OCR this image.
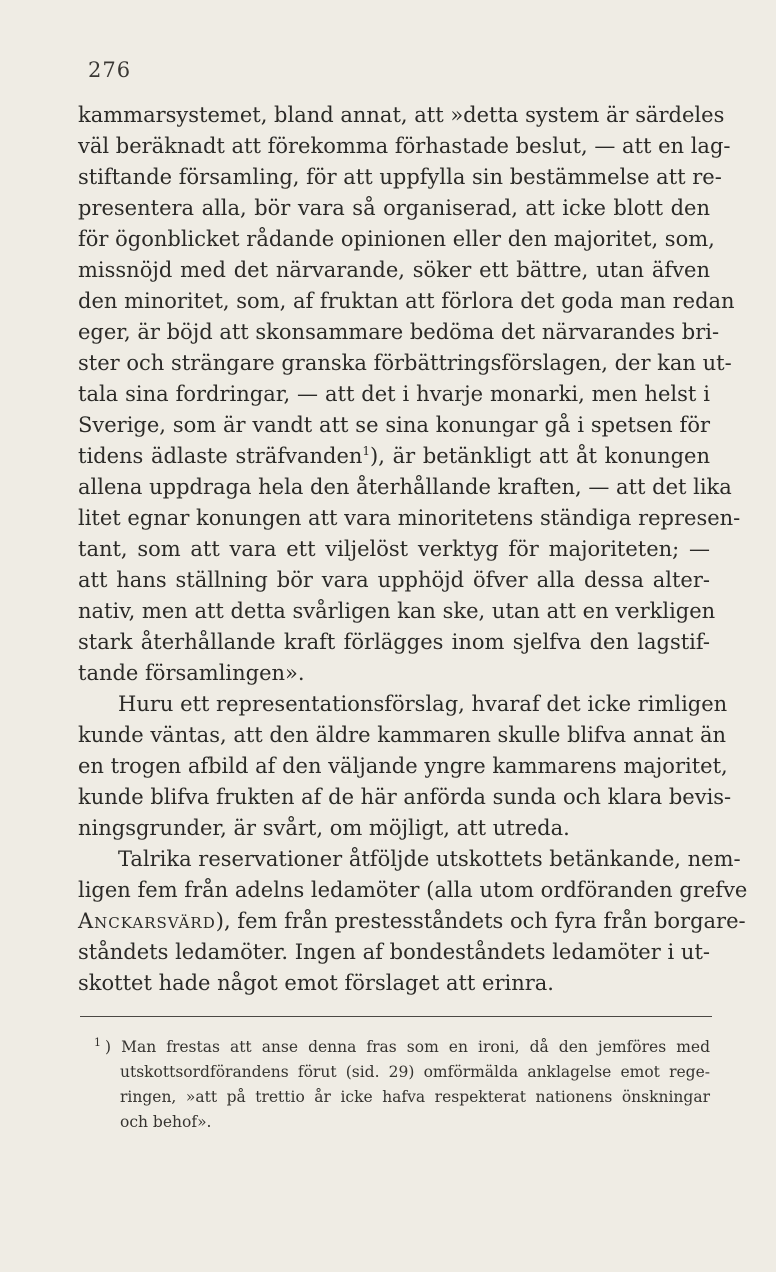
276
kammarsystemet, bland annat, att »detta system är särdeles
väl beräknadt att förekomma förhastade beslut, — att en lag-
stiftande församling, för att uppfylla sin bestämmelse att re-
presentera alla, bör vara så organiserad, att icke blott den
för ögonblicket rådande opinionen eller den majoritet, som,
missnöjd med det närvarande, söker ett bättre, utan äfven
den minoritet, som, af fruktan att förlora det goda man redan
eger, är böjd att skonsammare bedöma det närvarandes bri-
ster och strängare granska förbättringsförslagen, der kan ut-
tala sina fordringar, — att det i hvarje monarki, men helst i
Sverige, som är vandt att se sina konungar gå i spetsen för
tidens ädlaste sträfvanden$^1$), är betänkligt att åt konungen
allena uppdraga hela den återhållande kraften, — att det lika
litet egnar konungen att vara minoritetens ständiga represen-
tant, som att vara ett viljelöst verktyg för majoriteten; —
att hans ställning bör vara upphöjd öfver alla dessa alter-
nativ, men att detta svårligen kan ske, utan att en verkligen
stark återhållande kraft förlägges inom sjelfva den lagstif-
tande församlingen».
Huru ett representationsförslag, hvaraf det icke rimligen
kunde väntas, att den äldre kammaren skulle blifva annat än
en trogen afbild af den väljande yngre kammarens majoritet,
kunde blifva frukten af de här anförda sunda och klara bevis-
ningsgrunder, är svårt, om möjligt, att utreda.
Talrika reservationer åtföljde utskottets betänkande, nem-
ligen fem från adelns ledamöter (alla utom ordföranden grefve
Anckarsvärd), fem från prestesståndets och fyra från borgare-
ståndets ledamöter. Ingen af bondeståndets ledamöter i ut-
skottet hade något emot förslaget att erinra.
$^1$ ) Man frestas att anse denna fras som en ironi, då den jemföres med
utskottsordförandens förut (sid. 29) omförmälda anklagelse emot rege-
ringen, »att på trettio år icke hafva respekterat nationens önskningar
och behof».
